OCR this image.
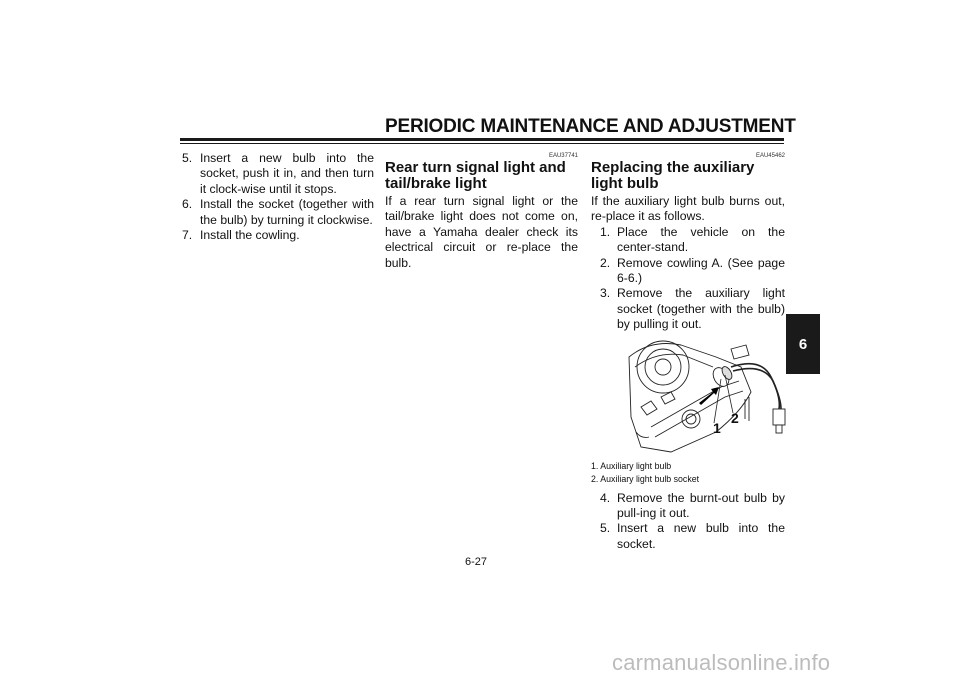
PERIODIC MAINTENANCE AND ADJUSTMENT
5. Insert a new bulb into the socket, push it in, and then turn it clock-wise until it stops.
6. Install the socket (together with the bulb) by turning it clockwise.
7. Install the cowling.
EAU37741
Rear turn signal light and tail/brake light

If a rear turn signal light or the tail/brake light does not come on, have a Yamaha dealer check its electrical circuit or re-place the bulb.

EAU45462
Replacing the auxiliary light bulb

If the auxiliary light bulb burns out, re-place it as follows.

1. Place the vehicle on the center-stand.
2. Remove cowling A. (See page 6-6.)
3. Remove the auxiliary light socket (together with the bulb) by pulling it out.
1
2
1. Auxiliary light bulb
2. Auxiliary light bulb socket
4. Remove the burnt-out bulb by pull-ing it out.
5. Insert a new bulb into the socket.
6
6-27
carmanualsonline.info
